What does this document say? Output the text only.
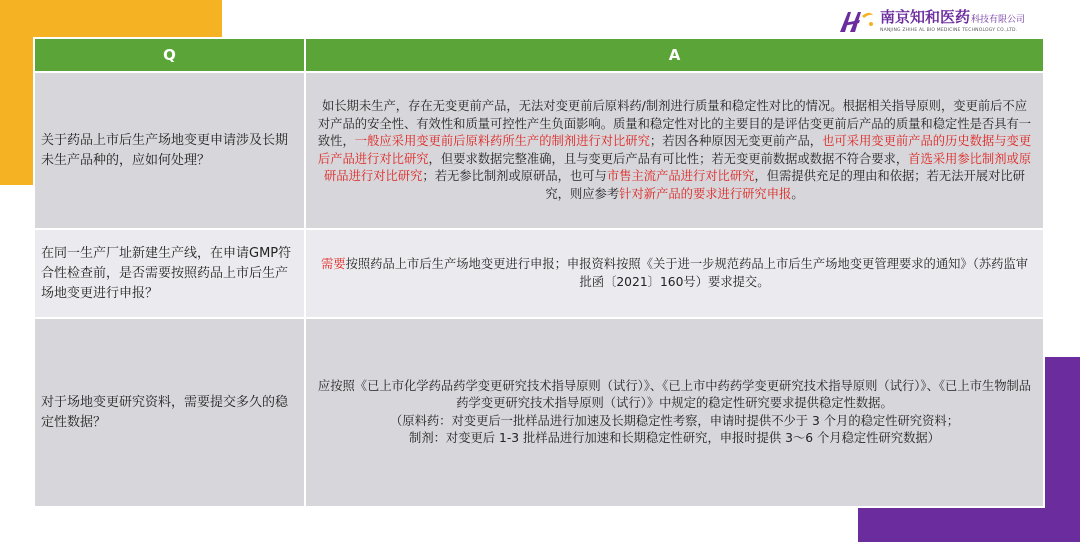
南京知和医药 科技有限公司
NANJING ZHIHE AL BIO MEDICINE TECHNOLOGY CO.,LTD.
Q	A
关于药品上市后生产场地变更申请涉及长期未生产品种的，应如何处理？	如长期未生产，存在无变更前产品，无法对变更前后原料药/制剂进行质量和稳定性对比的情况。根据相关指导原则，变更前后不应对产品的安全性、有效性和质量可控性产生负面影响。质量和稳定性对比的主要目的是评估变更前后产品的质量和稳定性是否具有一致性，一般应采用变更前后原料药所生产的制剂进行对比研究；若因各种原因无变更前产品，也可采用变更前产品的历史数据与变更后产品进行对比研究，但要求数据完整准确，且与变更后产品有可比性；若无变更前数据或数据不符合要求，首选采用参比制剂或原研品进行对比研究；若无参比制剂或原研品，也可与市售主流产品进行对比研究，但需提供充足的理由和依据；若无法开展对比研究，则应参考针对新产品的要求进行研究申报。
在同一生产厂址新建生产线，在申请GMP符合性检查前，是否需要按照药品上市后生产场地变更进行申报？	需要按照药品上市后生产场地变更进行申报；申报资料按照《关于进一步规范药品上市后生产场地变更管理要求的通知》（苏药监审批函〔2021〕160号）要求提交。
对于场地变更研究资料，需要提交多久的稳定性数据？	应按照《已上市化学药品药学变更研究技术指导原则（试行）》、《已上市中药药学变更研究技术指导原则（试行）》、《已上市生物制品药学变更研究技术指导原则（试行）》中规定的稳定性研究要求提供稳定性数据。
（原料药：对变更后一批样品进行加速及长期稳定性考察，申请时提供不少于 3 个月的稳定性研究资料；
制剂：对变更后 1-3 批样品进行加速和长期稳定性研究，申报时提供 3～6 个月稳定性研究数据）
